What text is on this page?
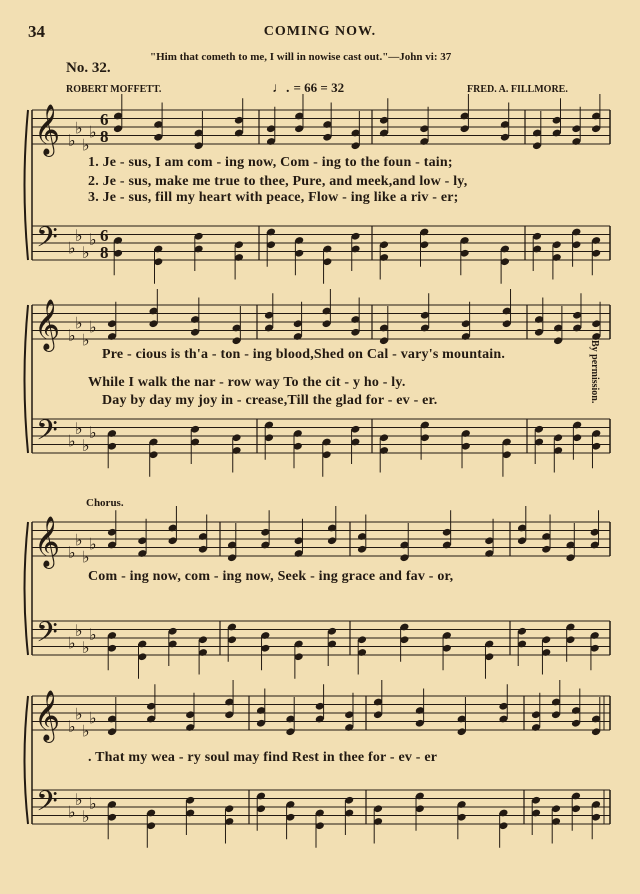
34	COMING NOW.
No. 32.
"Him that cometh to me, I will in nowise cast out."—John vi: 37
ROBERT MOFFETT.	FRED. A. FILLMORE.
♩. = 66 = 32
𝄞
𝄢
♭
♭
♭
♭
♭
♭
♭
♭
6
8
6
8
𝄞
𝄢
♭
♭
♭
♭
♭
♭
♭
♭
𝄞
𝄢
♭
♭
♭
♭
♭
♭
♭
♭
𝄞
𝄢
♭
♭
♭
♭
♭
♭
♭
♭
1. Je - sus, I am com - ing now, Com - ing to the foun - tain;
2. Je - sus, make me true to thee, Pure, and meek,and low - ly,
3. Je - sus, fill my heart with peace, Flow - ing like a riv - er;
Pre - cious is th'a - ton - ing blood,Shed on Cal - vary's mountain.
While I walk the nar - row way To the cit - y ho - ly.
Day by day my joy in - crease,Till the glad for - ev - er.
Chorus.
Com - ing now, com - ing now, Seek - ing grace and fav - or,
. That my wea - ry soul may find Rest in thee for - ev - er
By permission.
